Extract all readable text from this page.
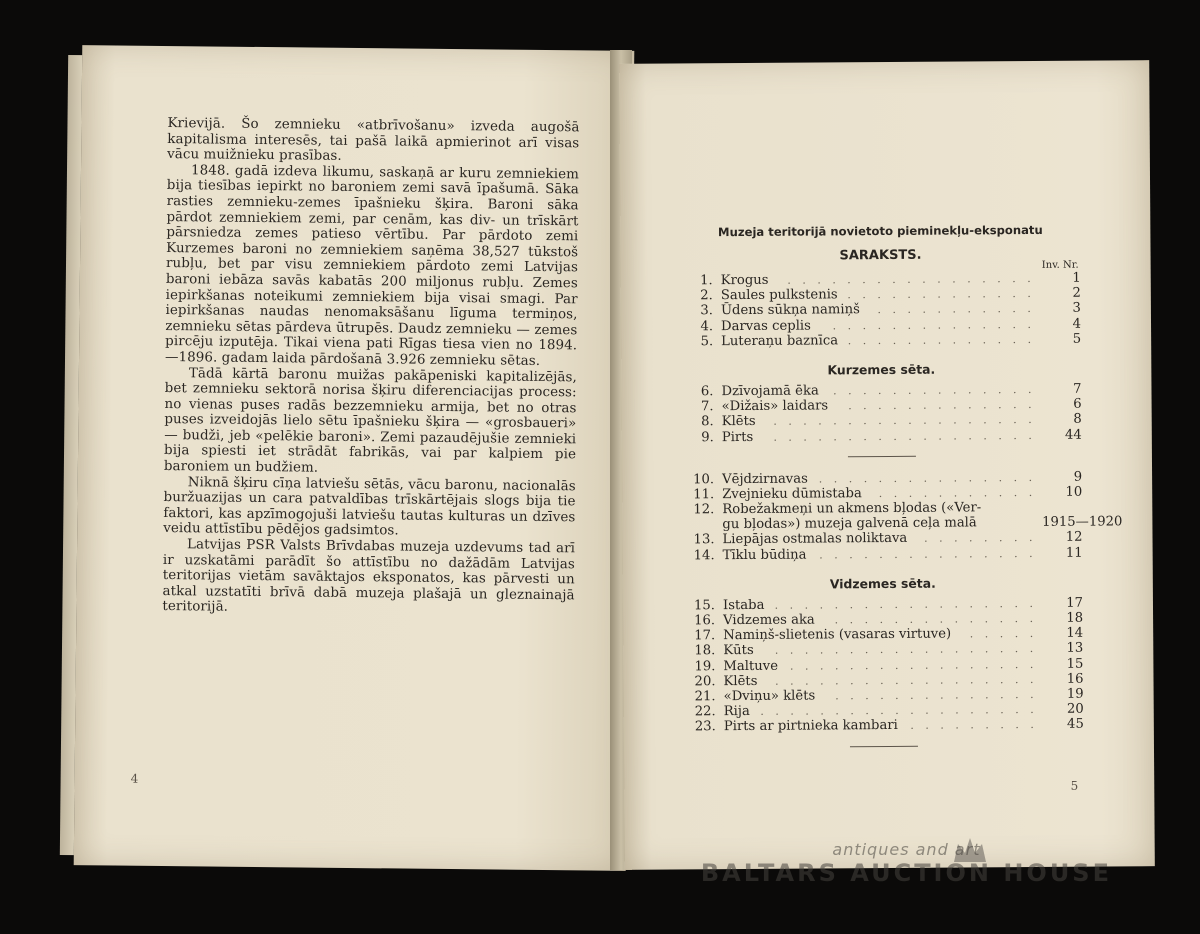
Krievijā. Šo zemnieku «atbrīvošanu» izveda augošā kapitalisma interesēs, tai pašā laikā apmierinot arī visas vācu muižnieku prasības.

1848. gadā izdeva likumu, saskaņā ar kuru zemniekiem bija tiesības iepirkt no baroniem zemi savā īpašumā. Sāka rasties zemnieku-zemes īpašnieku šķira. Baroni sāka pārdot zemniekiem zemi, par cenām, kas div- un trīskārt pārsniedza zemes patieso vērtību. Par pārdoto zemi Kurzemes baroni no zemniekiem saņēma 38,527 tūkstoš rubļu, bet par visu zemniekiem pārdoto zemi Latvijas baroni iebāza savās kabatās 200 miljonus rubļu. Zemes iepirkšanas noteikumi zemniekiem bija visai smagi. Par iepirkšanas naudas nenomaksāšanu līguma termiņos, zemnieku sētas pārdeva ūtrupēs. Daudz zemnieku — zemes pircēju izputēja. Tikai viena pati Rīgas tiesa vien no 1894.—1896. gadam laida pārdošanā 3.926 zemnieku sētas.

Tādā kārtā baronu muižas pakāpeniski kapitalizējās, bet zemnieku sektorā norisa šķiru diferenciacijas process: no vienas puses radās bezzemnieku armija, bet no otras puses izveidojās lielo sētu īpašnieku šķira — «grosbaueri» — budži, jeb «pelēkie baroni». Zemi pazaudējušie zemnieki bija spiesti iet strādāt fabrikās, vai par kalpiem pie baroniem un budžiem.

Niknā šķiru cīņa latviešu sētās, vācu baronu, nacionalās buržuazijas un cara patvaldības trīskārtējais slogs bija tie faktori, kas apzīmogojuši latviešu tautas kulturas un dzīves veidu attīstību pēdējos gadsimtos.

Latvijas PSR Valsts Brīvdabas muzeja uzdevums tad arī ir uzskatāmi parādīt šo attīstību no dažādām Latvijas teritorijas vietām savāktajos eksponatos, kas pārvesti un atkal uzstatīti brīvā dabā muzeja plašajā un gleznainajā teritorijā.

4
Muzeja teritorijā novietoto pieminekļu-eksponatu
SARAKSTS.
Inv. Nr.
1. Krogus . . . . . . . . . . . . . . . . .	1
2. Saules pulkstenis . . . . . . . . . . . . .	2
3. Ūdens sūkņa namiņš . . . . . . . . . . .	3
4. Darvas ceplis . . . . . . . . . . . . . .	4
5. Luteraņu baznīca . . . . . . . . . . . . .	5
Kurzemes sēta.
6. Dzīvojamā ēka . . . . . . . . . . . . . .	7
7. «Dižais» laidars . . . . . . . . . . . . .	6
8. Klēts . . . . . . . . . . . . . . . . . .	8
9. Pirts . . . . . . . . . . . . . . . . . .	44
10. Vējdzirnavas . . . . . . . . . . . . . . .	9
11. Zvejnieku dūmistaba . . . . . . . . . . .	10
12. Robežakmeņi un akmens bļodas («Ver-
gu bļodas») muzeja galvenā ceļa malā	1915—1920
13. Liepājas ostmalas noliktava . . . . . . . .	12
14. Tīklu būdiņa . . . . . . . . . . . . . . .	11
Vidzemes sēta.
15. Istaba . . . . . . . . . . . . . . . . . .	17
16. Vidzemes aka . . . . . . . . . . . . . .	18
17. Namiņš-slietenis (vasaras virtuve) . . . . .	14
18. Kūts . . . . . . . . . . . . . . . . . .	13
19. Maltuve . . . . . . . . . . . . . . . . .	15
20. Klēts . . . . . . . . . . . . . . . . . .	16
21. «Dviņu» klēts . . . . . . . . . . . . . .	19
22. Rija . . . . . . . . . . . . . . . . . . .	20
23. Pirts ar pirtnieka kambari . . . . . . . . .	45
5
antiques and art
BALTARS AUCTION HOUSE
